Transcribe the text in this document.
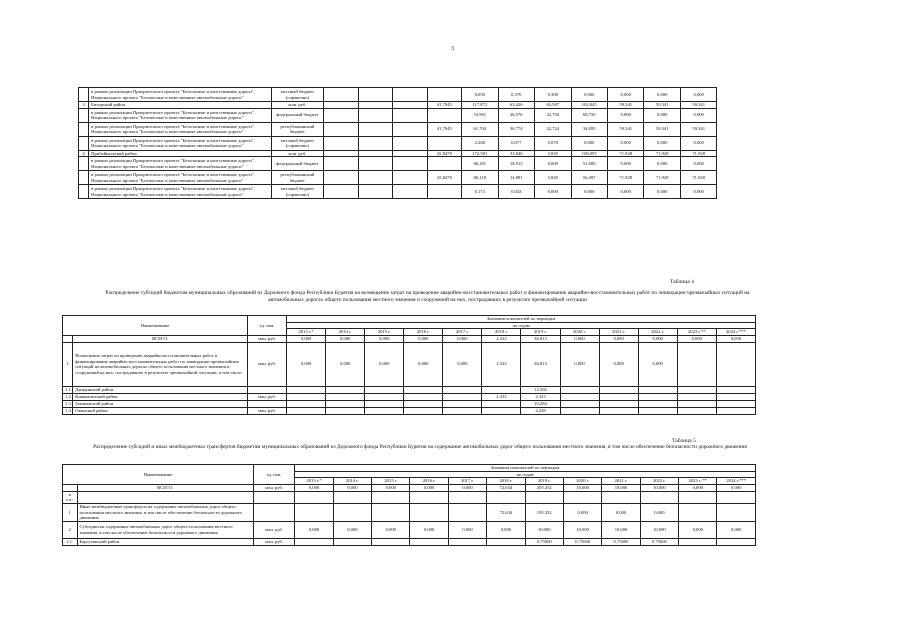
3
	в рамках реализации Приоритетного проекта "Безопасные и качественные дороги", Национального проекта "Безопасные и качественные автомобильные дороги"	местный бюджет (справочно)					0,050	0,370	0,300	0,000	0,000	0,000	0,000
3	Бичурский район	млн. руб.				41,7945	117,872	63,426	65,587	102,845	59,341	59,341	59,341
	в рамках реализации Приоритетного проекта "Безопасные и качественные дороги", Национального проекта "Безопасные и качественные автомобильные дороги"	федеральный бюджет					53,901	26,576	32,794	68,750	0,000	0,000	0,000
	в рамках реализации Приоритетного проекта "Безопасные и качественные дороги", Национального проекта "Безопасные и качественные автомобильные дороги"	республиканский бюджет				41,7945	61,704	36,774	32,724	34,095	59,341	59,341	59,341
	в рамках реализации Приоритетного проекта "Безопасные и качественные дороги", Национального проекта "Безопасные и качественные автомобильные дороги"	местный бюджет (справочно)					2,268	0,077	0,070	0,000	0,000	0,000	0,000
4	Прибайкальский район	млн. руб.				25,8478	172,581	33,840	5,845	108,097	71,928	71,928	71,928
	в рамках реализации Приоритетного проекта "Безопасные и качественные дороги", Национального проекта "Безопасные и качественные автомобильные дороги"	федеральный бюджет					86,291	18,915	0,000	51,600	0,000	0,000	0,000
	в рамках реализации Приоритетного проекта "Безопасные и качественные дороги", Национального проекта "Безопасные и качественные автомобильные дороги"	республиканский бюджет				25,8478	86,118	14,881	5,845	56,497	71,928	71,928	71,928
	в рамках реализации Приоритетного проекта "Безопасные и качественные дороги", Национального проекта "Безопасные и качественные автомобильные дороги"	местный бюджет (справочно)					0,173	0,043	0,000	0,000	0,000	0,000	0,000
Таблица 4
Распределение субсидий бюджетам муниципальных образований из Дорожного фонда Республики Бурятия на возмещение затрат на проведение аварийно-восстановительных работ и финансирование аварийно-восстановительных работ по ликвидации чрезвычайных ситуаций на автомобильных дорогах общего пользования местного значения и сооружений на них, пострадавших в результате чрезвычайной ситуации
Наименование		ед. изм.	Значения показателей по периодам											
			по годам											
			2013 г.*	2014 г.	2015 г.	2016 г.	2017 г.	2018 г.	2019 г.	2020 г.	2021 г.	2022 г.	2023 г.**	2024 г.***
	ВСЕГО:	млн. руб.	0,000	0,000	0,000	0,000	0,000	2,333	36,813	0,000	0,000	0,000	0,000	0,000
1	Возмещение затрат на проведение аварийно-восстановительных работ и финансирование аварийно-восстановительных работ по ликвидации чрезвычайных ситуаций на автомобильных дорогах общего пользования местного значения и сооружений на них, пострадавших в результате чрезвычайной ситуации, в том числе:	млн. руб.	0,000	0,000	0,000	0,000	0,000	2,333	36,813	0,000	0,000	0,000		
1.1.	Джидинский район								12,502					
1.2.	Кижингинский район	млн. руб.						2,333	2,333					
1.3.	Закаменский район								10,284					
1.4.	Окинский район	млн. руб.							4,238					
Таблица 5
Распределение субсидий и иных межбюджетных трансфертов бюджетам муниципальных образований из Дорожного фонда Республики Бурятия на содержание автомобильных дорог общего пользования местного значения, в том числе обеспечение безопасности дорожного движения
Наименование		ед. изм.	Значения показателей по периодам											
			по годам											
			2013 г.*	2014 г.	2015 г.	2016 г.	2017 г.	2018 г.	2019 г.	2020 г.	2021 г.	2022 г.	2023 г. **	2024 г.***
	ВСЕГО:	млн. руб.	0,000	0,000	0,000	0,000	0,000	72,634	205,352	10,000	10,000	10,000	0,000	0,000
в т.ч.:														
1	Иные межбюджетные трансферты на содержание автомобильных дорог общего пользования местного значения, в том числе обеспечение безопасности дорожного движения							72,634	195,352	0,000	0,000	0,000		
2	Субсидии на содержание автомобильных дорог общего пользования местного значения, в том числе обеспечение безопасности дорожного движения	млн. руб.	0,000	0,000	0,000	0,000	0,000	0,000	10,000	10,000	10,000	10,000	0,000	0,000
2.1.	Баргузинский район	млн. руб.							0,75600	0,75600	0,75600	0,75600		
